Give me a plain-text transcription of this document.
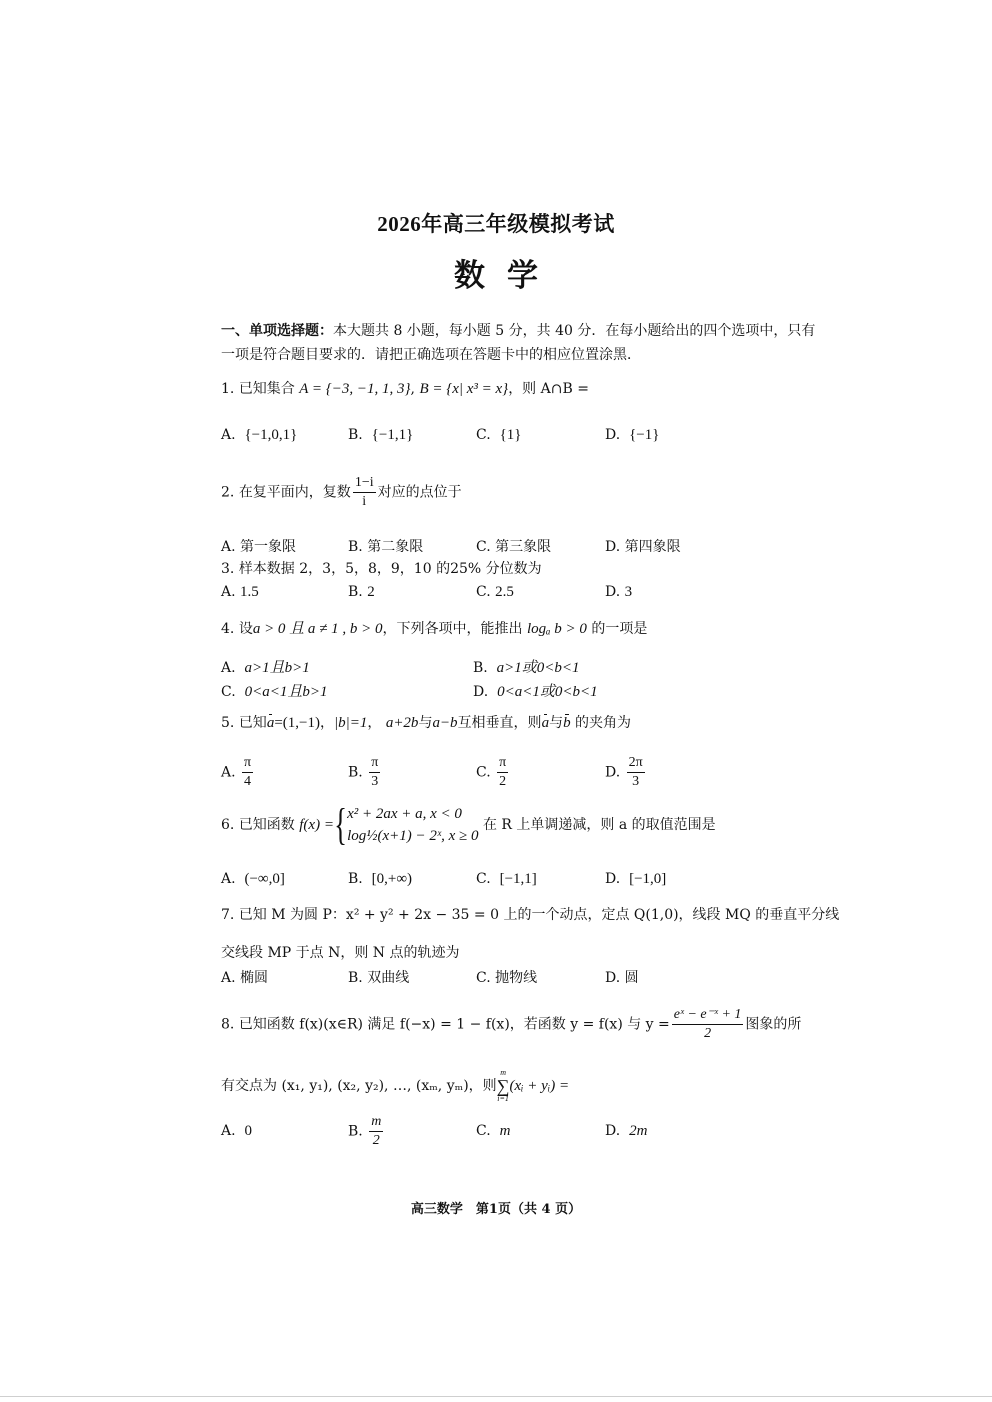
2026年高三年级模拟考试
数学
一、单项选择题：本大题共 8 小题，每小题 5 分，共 40 分．在每小题给出的四个选项中，只有
一项是符合题目要求的．请把正确选项在答题卡中的相应位置涂黑．
1. 已知集合 A = {−3, −1, 1, 3}, B = {x| x³ = x}，则 A∩B =
A. {−1,0,1}	B. {−1,1}	C. {1}	D. {−1}
2. 在复平面内，复数 $\frac{1-i}{i}$ 对应的点位于
A. 第一象限	B. 第二象限	C. 第三象限	D. 第四象限
3. 样本数据 2，3，5，8，9，10 的25% 分位数为
A. 1.5	B. 2	C. 2.5	D. 3
4. 设a > 0 且 a ≠ 1 , b > 0，下列各项中，能推出 logₐ b > 0 的一项是
A. a>1且b>1	B. a>1或0<b<1
C. 0<a<1且b>1	D. 0<a<1或0<b<1
5. 已知a=(1,−1)，|b|=1， a+2b与a−b互相垂直，则a与b 的夹角为
A. $\frac{\pi}{4}$	B. $\frac{\pi}{3}$	C. $\frac{\pi}{2}$	D. $\frac{2\pi}{3}$
6. 已知函数 f(x) ={ x² + 2ax + a, x < 0
log½(x+1) − 2ˣ, x ≥ 0
在 R 上单调递减，则 a 的取值范围是
A. (−∞,0]	B. [0,+∞)	C. [−1,1]	D. [−1,0]
7. 已知 M 为圆 P：x² + y² + 2x − 35 = 0 上的一个动点，定点 Q(1,0)，线段 MQ 的垂直平分线
交线段 MP 于点 N，则 N 点的轨迹为
A. 椭圆	B. 双曲线	C. 抛物线	D. 圆
8. 已知函数 f(x)(x∈R) 满足 f(−x) = 1 − f(x)，若函数 y = f(x) 与 $y = \frac{\text{eˣ − e⁻ˣ + 1}}{2}$ 图象的所
有交点为 (x₁, y₁), (x₂, y₂), …, (xₘ, yₘ)，则
m
∑
i=1
(xᵢ + yᵢ) =
A. 0	B. $\frac{m}{2}$	C. m	D. 2m
高三数学　第1页（共 4 页）
